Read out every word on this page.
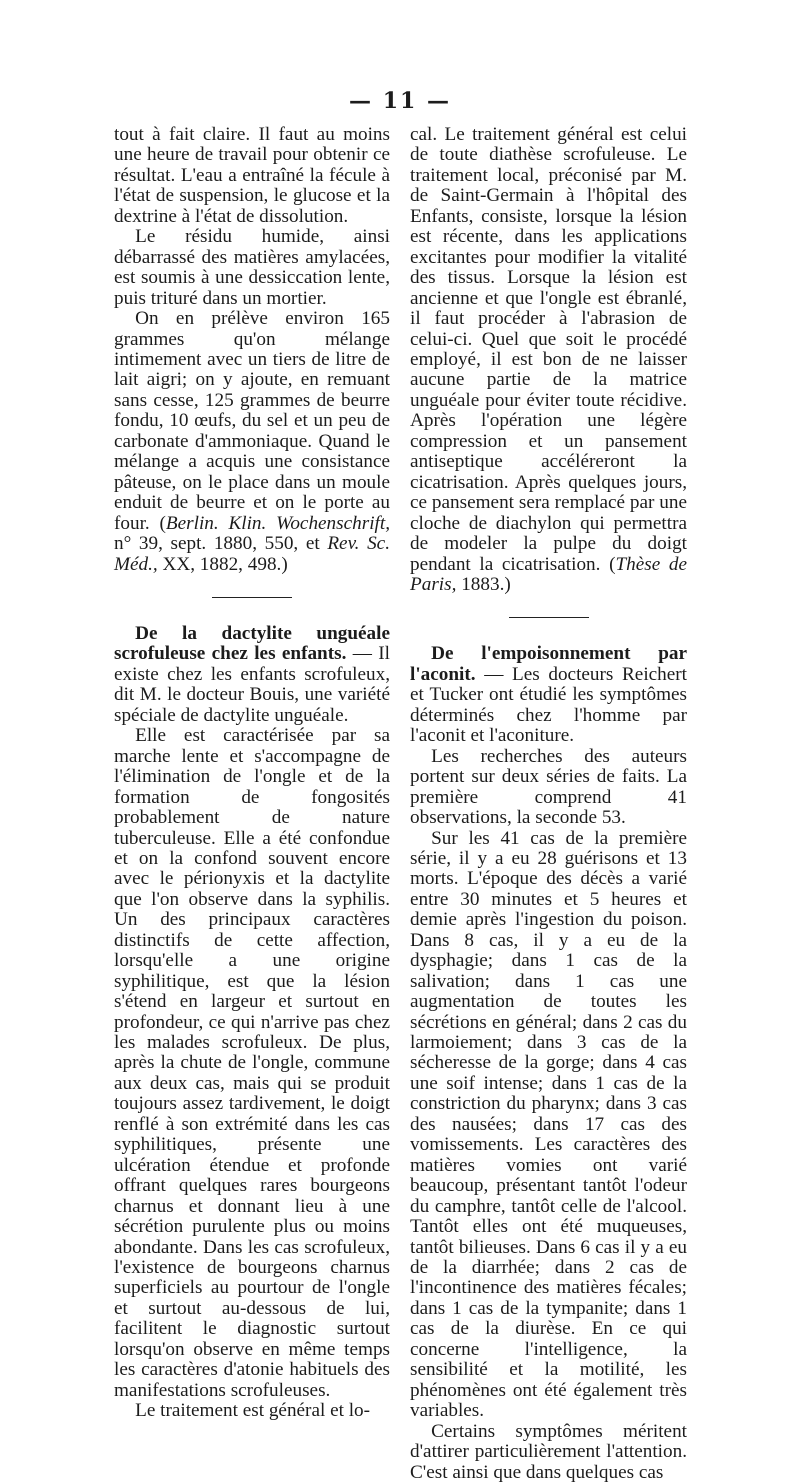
— 11 —

tout à fait claire. Il faut au moins une heure de travail pour obtenir ce résultat. L'eau a entraîné la fécule à l'état de suspension, le glucose et la dextrine à l'état de dissolution.

Le résidu humide, ainsi débarrassé des matières amylacées, est soumis à une dessiccation lente, puis trituré dans un mortier.

On en prélève environ 165 grammes qu'on mélange intimement avec un tiers de litre de lait aigri; on y ajoute, en remuant sans cesse, 125 grammes de beurre fondu, 10 œufs, du sel et un peu de carbonate d'ammoniaque. Quand le mélange a acquis une consistance pâteuse, on le place dans un moule enduit de beurre et on le porte au four. (Berlin. Klin. Wochenschrift, n° 39, sept. 1880, 550, et Rev. Sc. Méd., XX, 1882, 498.)

De la dactylite unguéale scrofuleuse chez les enfants. — Il existe chez les enfants scrofuleux, dit M. le docteur Bouis, une variété spéciale de dactylite unguéale.

Elle est caractérisée par sa marche lente et s'accompagne de l'élimination de l'ongle et de la formation de fongosités probablement de nature tuberculeuse. Elle a été confondue et on la confond souvent encore avec le périonyxis et la dactylite que l'on observe dans la syphilis. Un des principaux caractères distinctifs de cette affection, lorsqu'elle a une origine syphilitique, est que la lésion s'étend en largeur et surtout en profondeur, ce qui n'arrive pas chez les malades scrofuleux. De plus, après la chute de l'ongle, commune aux deux cas, mais qui se produit toujours assez tardivement, le doigt renflé à son extrémité dans les cas syphilitiques, présente une ulcération étendue et profonde offrant quelques rares bourgeons charnus et donnant lieu à une sécrétion purulente plus ou moins abondante. Dans les cas scrofuleux, l'existence de bourgeons charnus superficiels au pourtour de l'ongle et surtout au-dessous de lui, facilitent le diagnostic surtout lorsqu'on observe en même temps les caractères d'atonie habituels des manifestations scrofuleuses.

Le traitement est général et lo-

cal. Le traitement général est celui de toute diathèse scrofuleuse. Le traitement local, préconisé par M. de Saint-Germain à l'hôpital des Enfants, consiste, lorsque la lésion est récente, dans les applications excitantes pour modifier la vitalité des tissus. Lorsque la lésion est ancienne et que l'ongle est ébranlé, il faut procéder à l'abrasion de celui-ci. Quel que soit le procédé employé, il est bon de ne laisser aucune partie de la matrice unguéale pour éviter toute récidive. Après l'opération une légère compression et un pansement antiseptique accéléreront la cicatrisation. Après quelques jours, ce pansement sera remplacé par une cloche de diachylon qui permettra de modeler la pulpe du doigt pendant la cicatrisation. (Thèse de Paris, 1883.)

De l'empoisonnement par l'aconit. — Les docteurs Reichert et Tucker ont étudié les symptômes déterminés chez l'homme par l'aconit et l'aconiture.

Les recherches des auteurs portent sur deux séries de faits. La première comprend 41 observations, la seconde 53.

Sur les 41 cas de la première série, il y a eu 28 guérisons et 13 morts. L'époque des décès a varié entre 30 minutes et 5 heures et demie après l'ingestion du poison. Dans 8 cas, il y a eu de la dysphagie; dans 1 cas de la salivation; dans 1 cas une augmentation de toutes les sécrétions en général; dans 2 cas du larmoiement; dans 3 cas de la sécheresse de la gorge; dans 4 cas une soif intense; dans 1 cas de la constriction du pharynx; dans 3 cas des nausées; dans 17 cas des vomissements. Les caractères des matières vomies ont varié beaucoup, présentant tantôt l'odeur du camphre, tantôt celle de l'alcool. Tantôt elles ont été muqueuses, tantôt bilieuses. Dans 6 cas il y a eu de la diarrhée; dans 2 cas de l'incontinence des matières fécales; dans 1 cas de la tympanite; dans 1 cas de la diurèse. En ce qui concerne l'intelligence, la sensibilité et la motilité, les phénomènes ont été également très variables.

Certains symptômes méritent d'attirer particulièrement l'attention. C'est ainsi que dans quelques cas
